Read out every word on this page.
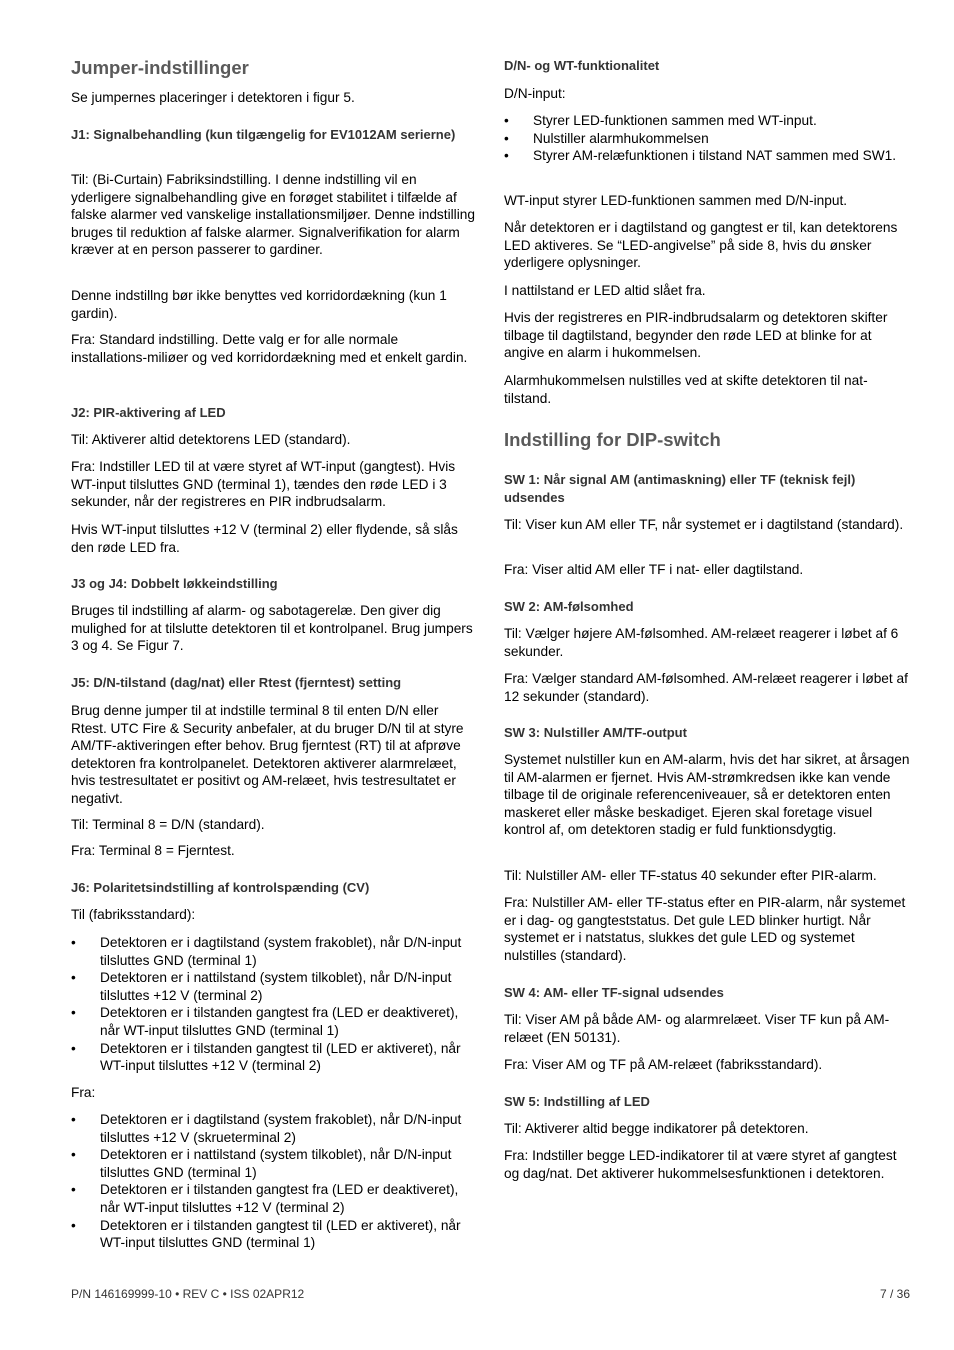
Jumper-indstillinger
Se jumpernes placeringer i detektoren i figur 5.
J1: Signalbehandling (kun tilgængelig for EV1012AM serierne)
Til: (Bi-Curtain) Fabriksindstilling. I denne indstilling vil en yderligere signalbehandling give en forøget stabilitet i tilfælde af falske alarmer ved vanskelige installationsmiljøer. Denne indstilling bruges til reduktion af falske alarmer. Signalverifikation for alarm kræver at en person passerer to gardiner.
Denne indstillng bør ikke benyttes ved korridordækning (kun 1 gardin).
Fra: Standard indstilling. Dette valg er for alle normale installations-miliøer og ved korridordækning med et enkelt gardin.
J2: PIR-aktivering af LED
Til: Aktiverer altid detektorens LED (standard).
Fra: Indstiller LED til at være styret af WT-input (gangtest). Hvis WT-input tilsluttes GND (terminal 1), tændes den røde LED i 3 sekunder, når der registreres en PIR indbrudsalarm.
Hvis WT-input tilsluttes +12 V (terminal 2) eller flydende, så slås den røde LED fra.
J3 og J4: Dobbelt løkkeindstilling
Bruges til indstilling af alarm- og sabotagerelæ. Den giver dig mulighed for at tilslutte detektoren til et kontrolpanel. Brug jumpers 3 og 4. Se Figur 7.
J5: D/N-tilstand (dag/nat) eller Rtest (fjerntest) setting
Brug denne jumper til at indstille terminal 8 til enten D/N eller Rtest. UTC Fire & Security anbefaler, at du bruger D/N til at styre AM/TF-aktiveringen efter behov. Brug fjerntest (RT) til at afprøve detektoren fra kontrolpanelet. Detektoren aktiverer alarmrelæet, hvis testresultatet er positivt og AM-relæet, hvis testresultatet er negativt.
Til: Terminal 8 = D/N (standard).
Fra: Terminal 8 = Fjerntest.
J6: Polaritetsindstilling af kontrolspænding (CV)
Til (fabriksstandard):
• Detektoren er i dagtilstand (system frakoblet), når D/N-input tilsluttes GND (terminal 1)
• Detektoren er i nattilstand (system tilkoblet), når D/N-input tilsluttes +12 V (terminal 2)
• Detektoren er i tilstanden gangtest fra (LED er deaktiveret), når WT-input tilsluttes GND (terminal 1)
• Detektoren er i tilstanden gangtest til (LED er aktiveret), når WT-input tilsluttes +12 V (terminal 2)
Fra:
• Detektoren er i dagtilstand (system frakoblet), når D/N-input tilsluttes +12 V (skrueterminal 2)
• Detektoren er i nattilstand (system tilkoblet), når D/N-input tilsluttes GND (terminal 1)
• Detektoren er i tilstanden gangtest fra (LED er deaktiveret), når WT-input tilsluttes +12 V (terminal 2)
• Detektoren er i tilstanden gangtest til (LED er aktiveret), når WT-input tilsluttes GND (terminal 1)
D/N- og WT-funktionalitet
D/N-input:
• Styrer LED-funktionen sammen med WT-input.
• Nulstiller alarmhukommelsen
• Styrer AM-relæfunktionen i tilstand NAT sammen med SW1.
WT-input styrer LED-funktionen sammen med D/N-input.
Når detektoren er i dagtilstand og gangtest er til, kan detektorens LED aktiveres. Se “LED-angivelse” på side 8, hvis du ønsker yderligere oplysninger.
I nattilstand er LED altid slået fra.
Hvis der registreres en PIR-indbrudsalarm og detektoren skifter tilbage til dagtilstand, begynder den røde LED at blinke for at angive en alarm i hukommelsen.
Alarmhukommelsen nulstilles ved at skifte detektoren til nat-tilstand.
Indstilling for DIP-switch
SW 1: Når signal AM (antimaskning) eller TF (teknisk fejl) udsendes
Til: Viser kun AM eller TF, når systemet er i dagtilstand (standard).
Fra: Viser altid AM eller TF i nat- eller dagtilstand.
SW 2: AM-følsomhed
Til: Vælger højere AM-følsomhed. AM-relæet reagerer i løbet af 6 sekunder.
Fra: Vælger standard AM-følsomhed. AM-relæet reagerer i løbet af 12 sekunder (standard).
SW 3: Nulstiller AM/TF-output
Systemet nulstiller kun en AM-alarm, hvis det har sikret, at årsagen til AM-alarmen er fjernet. Hvis AM-strømkredsen ikke kan vende tilbage til de originale referenceniveauer, så er detektoren enten maskeret eller måske beskadiget. Ejeren skal foretage visuel kontrol af, om detektoren stadig er fuld funktionsdygtig.
Til: Nulstiller AM- eller TF-status 40 sekunder efter PIR-alarm.
Fra: Nulstiller AM- eller TF-status efter en PIR-alarm, når systemet er i dag- og gangteststatus. Det gule LED blinker hurtigt. Når systemet er i natstatus, slukkes det gule LED og systemet nulstilles (standard).
SW 4: AM- eller TF-signal udsendes
Til: Viser AM på både AM- og alarmrelæet. Viser TF kun på AM-relæet (EN 50131).
Fra: Viser AM og TF på AM-relæet (fabriksstandard).
SW 5: Indstilling af LED
Til: Aktiverer altid begge indikatorer på detektoren.
Fra: Indstiller begge LED-indikatorer til at være styret af gangtest og dag/nat. Det aktiverer hukommelsesfunktionen i detektoren.
P/N 146169999-10 • REV C • ISS 02APR12	7 / 36
